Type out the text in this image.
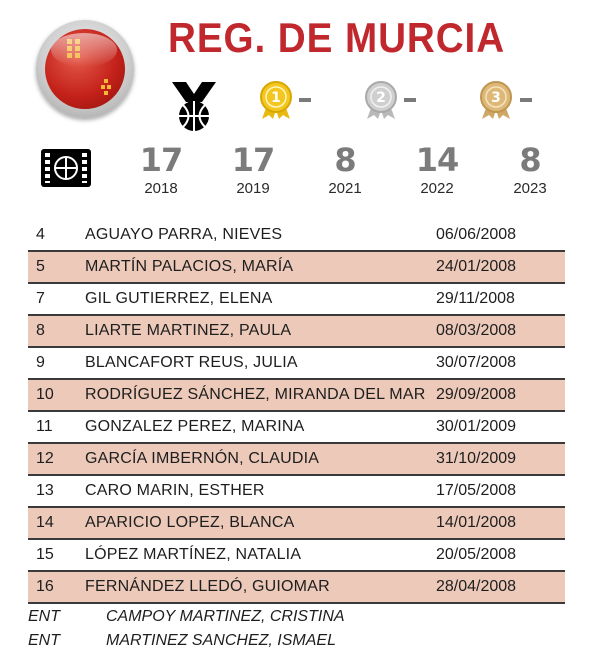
REG. DE MURCIA
1	2	3
17
2018
17
2019
8
2021
14
2022
8
2023
4	AGUAYO PARRA, NIEVES	06/06/2008
5	MARTÍN PALACIOS, MARÍA	24/01/2008
7	GIL GUTIERREZ, ELENA	29/11/2008
8	LIARTE MARTINEZ, PAULA	08/03/2008
9	BLANCAFORT REUS, JULIA	30/07/2008
10 RODRÍGUEZ SÁNCHEZ, MIRANDA DEL MAR 29/09/2008
11 GONZALEZ PEREZ, MARINA	30/01/2009
12 GARCÍA IMBERNÓN, CLAUDIA	31/10/2009
13 CARO MARIN, ESTHER	17/05/2008
14 APARICIO LOPEZ, BLANCA	14/01/2008
15 LÓPEZ MARTÍNEZ, NATALIA	20/05/2008
16 FERNÁNDEZ LLEDÓ, GUIOMAR	28/04/2008
ENT	CAMPOY MARTINEZ, CRISTINA
ENT	MARTINEZ SANCHEZ, ISMAEL
